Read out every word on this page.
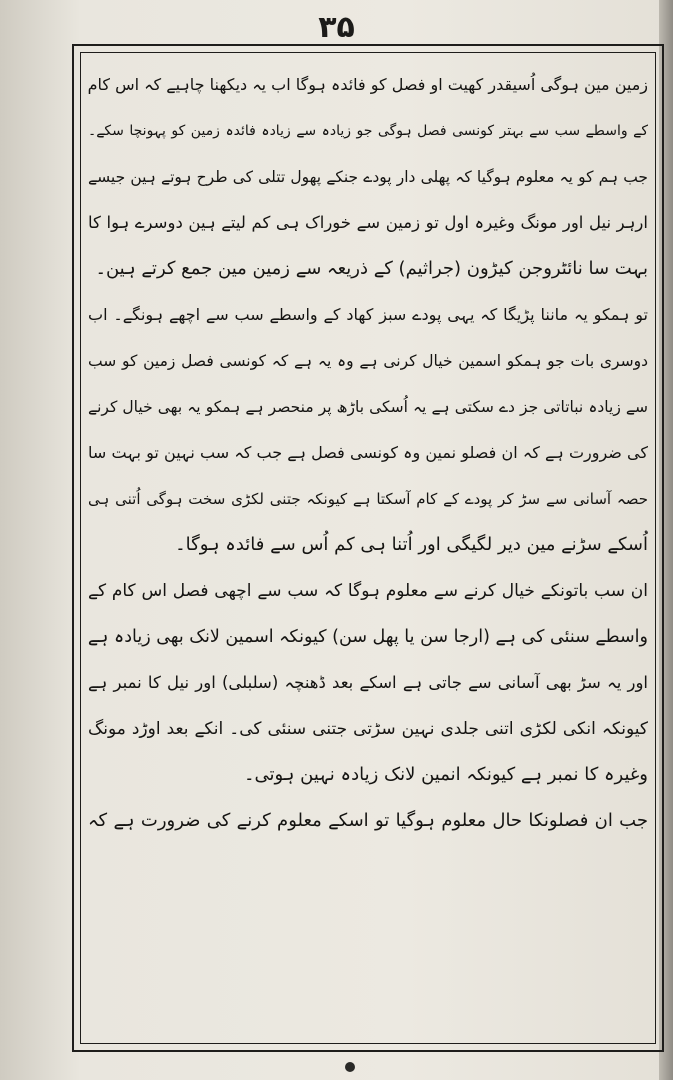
۳۵
زمین مین ہوگی اُسیقدر کھیت او فصل کو فائدہ ہوگا اب یہ دیکھنا چاہیے کہ اس کام
کے واسطے سب سے بہتر کونسی فصل ہوگی جو زیادہ سے زیادہ فائدہ زمین کو پہونچا سکے۔
جب ہم کو یہ معلوم ہوگیا کہ پھلی دار پودے جنکے پھول تتلی کی طرح ہوتے ہین جیسے
ارہر نیل اور مونگ وغیرہ اول تو زمین سے خوراک ہی کم لیتے ہین دوسرے ہوا کا
بہت سا نائٹروجن کیڑون (جراثیم) کے ذریعہ سے زمین مین جمع کرتے ہین۔
تو ہمکو یہ ماننا پڑیگا کہ یہی پودے سبز کھاد کے واسطے سب سے اچھے ہونگے۔ اب
دوسری بات جو ہمکو اسمین خیال کرنی ہے وہ یہ ہے کہ کونسی فصل زمین کو سب
سے زیادہ نباتاتی جز دے سکتی ہے یہ اُسکی باڑھ پر منحصر ہے ہمکو یہ بھی خیال کرنے
کی ضرورت ہے کہ ان فصلو نمین وہ کونسی فصل ہے جب کہ سب نہین تو بہت سا
حصہ آسانی سے سڑ کر پودے کے کام آسکتا ہے کیونکہ جتنی لکڑی سخت ہوگی اُتنی ہی
اُسکے سڑنے مین دیر لگیگی اور اُتنا ہی کم اُس سے فائدہ ہوگا۔
ان سب باتونکے خیال کرنے سے معلوم ہوگا کہ سب سے اچھی فصل اس کام کے
واسطے سنئی کی ہے (ارجا سن یا پھل سن) کیونکہ اسمین لانک بھی زیادہ ہے
اور یہ سڑ بھی آسانی سے جاتی ہے اسکے بعد ڈھنچہ (سلبلی) اور نیل کا نمبر ہے
کیونکہ انکی لکڑی اتنی جلدی نہین سڑتی جتنی سنئی کی۔ انکے بعد اوڑد مونگ
وغیرہ کا نمبر ہے کیونکہ انمین لانک زیادہ نہین ہوتی۔
جب ان فصلونکا حال معلوم ہوگیا تو اسکے معلوم کرنے کی ضرورت ہے کہ
